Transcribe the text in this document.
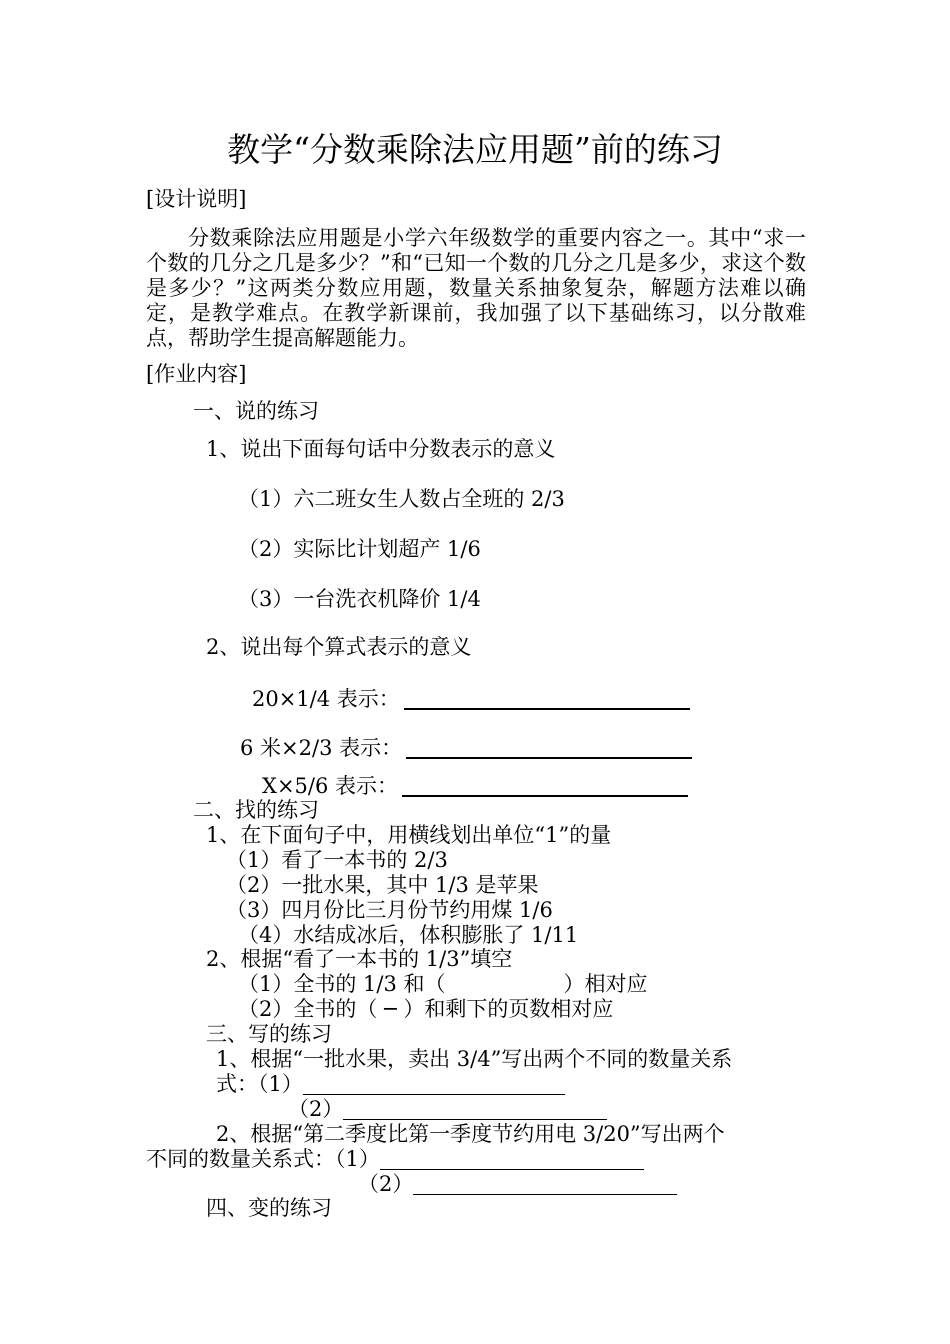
教学“分数乘除法应用题”前的练习
[设计说明]
分数乘除法应用题是小学六年级数学的重要内容之一。其中“求一个数的几分之几是多少？”和“已知一个数的几分之几是多少，求这个数是多少？”这两类分数应用题，数量关系抽象复杂，解题方法难以确定，是教学难点。在教学新课前，我加强了以下基础练习，以分散难点，帮助学生提高解题能力。
[作业内容]
一、说的练习
1、说出下面每句话中分数表示的意义
（1）六二班女生人数占全班的 2/3
（2）实际比计划超产 1/6
（3）一台洗衣机降价 1/4
2、说出每个算式表示的意义
20×1/4 表示：
6 米×2/3 表示：
X×5/6 表示：
二、找的练习
1、在下面句子中，用横线划出单位“1”的量
（1）看了一本书的 2/3
（2）一批水果，其中 1/3 是苹果
（3）四月份比三月份节约用煤 1/6
（4）水结成冰后，体积膨胀了 1/11
2、根据“看了一本书的 1/3”填空
（1）全书的 1/3 和（	）相对应
（2）全书的（ ─ ）和剩下的页数相对应
三、写的练习
1、根据“一批水果，卖出 3/4”写出两个不同的数量关系
式：（1）
（2）
2、根据“第二季度比第一季度节约用电 3/20”写出两个
不同的数量关系式：（1）
（2）
四、变的练习
